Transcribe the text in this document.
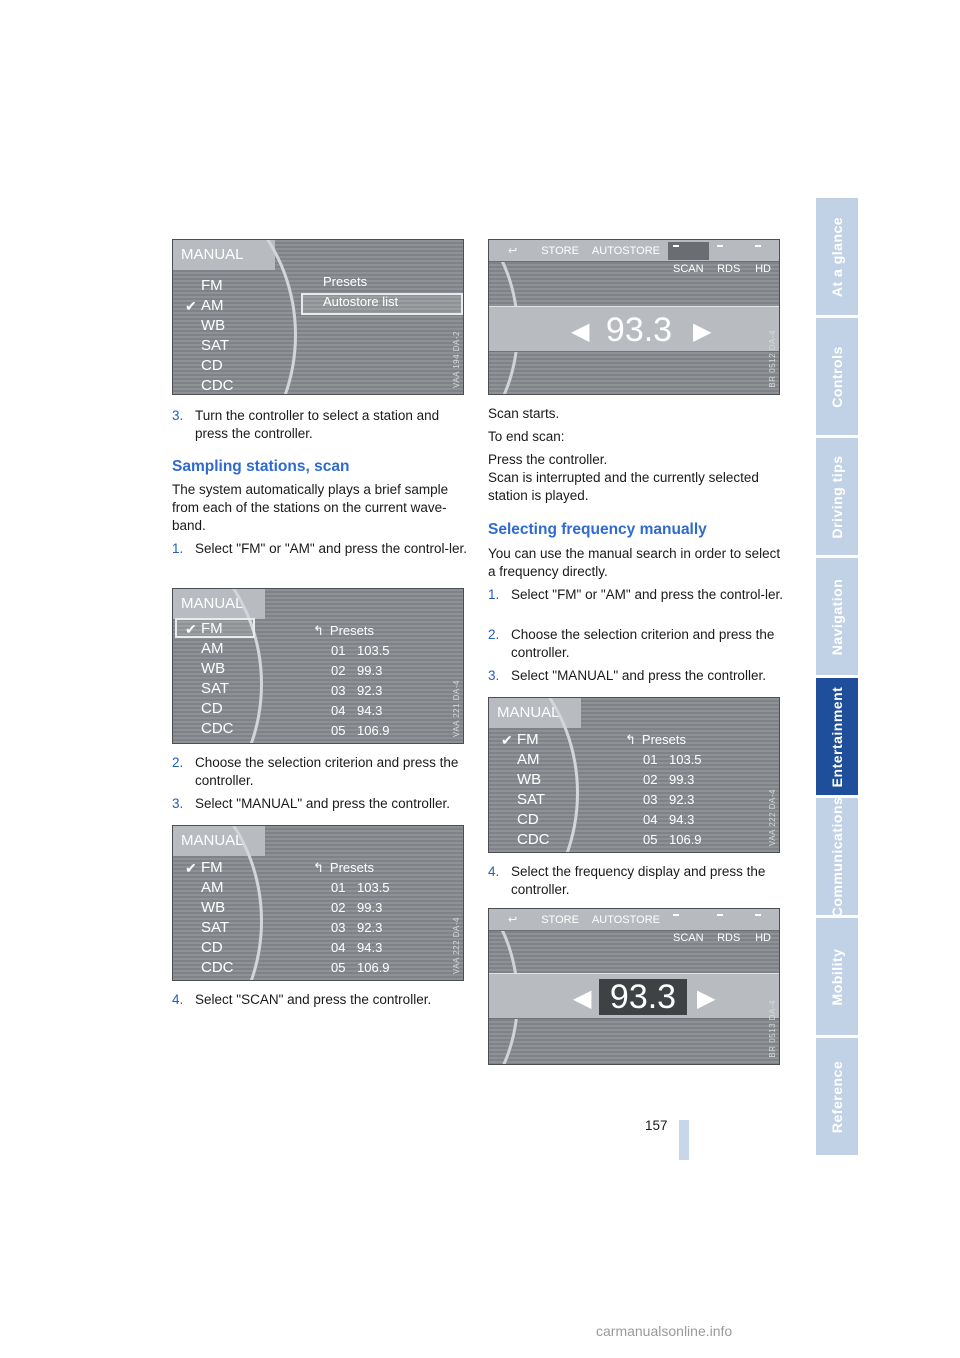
At a glance
Controls
Driving tips
Navigation
Entertainment
Communications
Mobility
Reference
MANUAL
FM
✔ AM
WB
SAT
CD
CDC
Presets
Autostore list
VAA 194 DA-2
3. Turn the controller to select a station and press the controller.
Sampling stations, scan
The system automatically plays a brief sample from each of the stations on the current wave-band.
1. Select "FM" or "AM" and press the control-ler.
MANUAL
✔ FM
AM
WB
SAT
CD
CDC
↰ Presets
01 103.5
02 99.3
03 92.3
04 94.3
05 106.9	VAA 221 DA-4
2. Choose the selection criterion and press the controller.
3. Select "MANUAL" and press the controller.
MANUAL
✔ FM
AM
WB
SAT
CD
CDC
↰ Presets
01 103.5
02 99.3
03 92.3
04 94.3
05 106.9	VAA 222 DA-4
4. Select "SCAN" and press the controller.
↩	STORE	AUTOSTORE
SCAN	RDS	HD
◀ 93.3 ▶	BR 0512 DA-4
Scan starts.
To end scan:
Press the controller.
Scan is interrupted and the currently selected station is played.
Selecting frequency manually
You can use the manual search in order to select a frequency directly.
1. Select "FM" or "AM" and press the control-ler.
2. Choose the selection criterion and press the controller.
3. Select "MANUAL" and press the controller.
MANUAL
✔ FM
AM
WB
SAT
CD
CDC
↰ Presets
01 103.5
02 99.3
03 92.3
04 94.3
05 106.9	VAA 222 DA-4
4. Select the frequency display and press the controller.
↩	STORE	AUTOSTORE
SCAN	RDS	HD
◀ 93.3 ▶
BR 0513 DA-4
157
carmanualsonline.info
